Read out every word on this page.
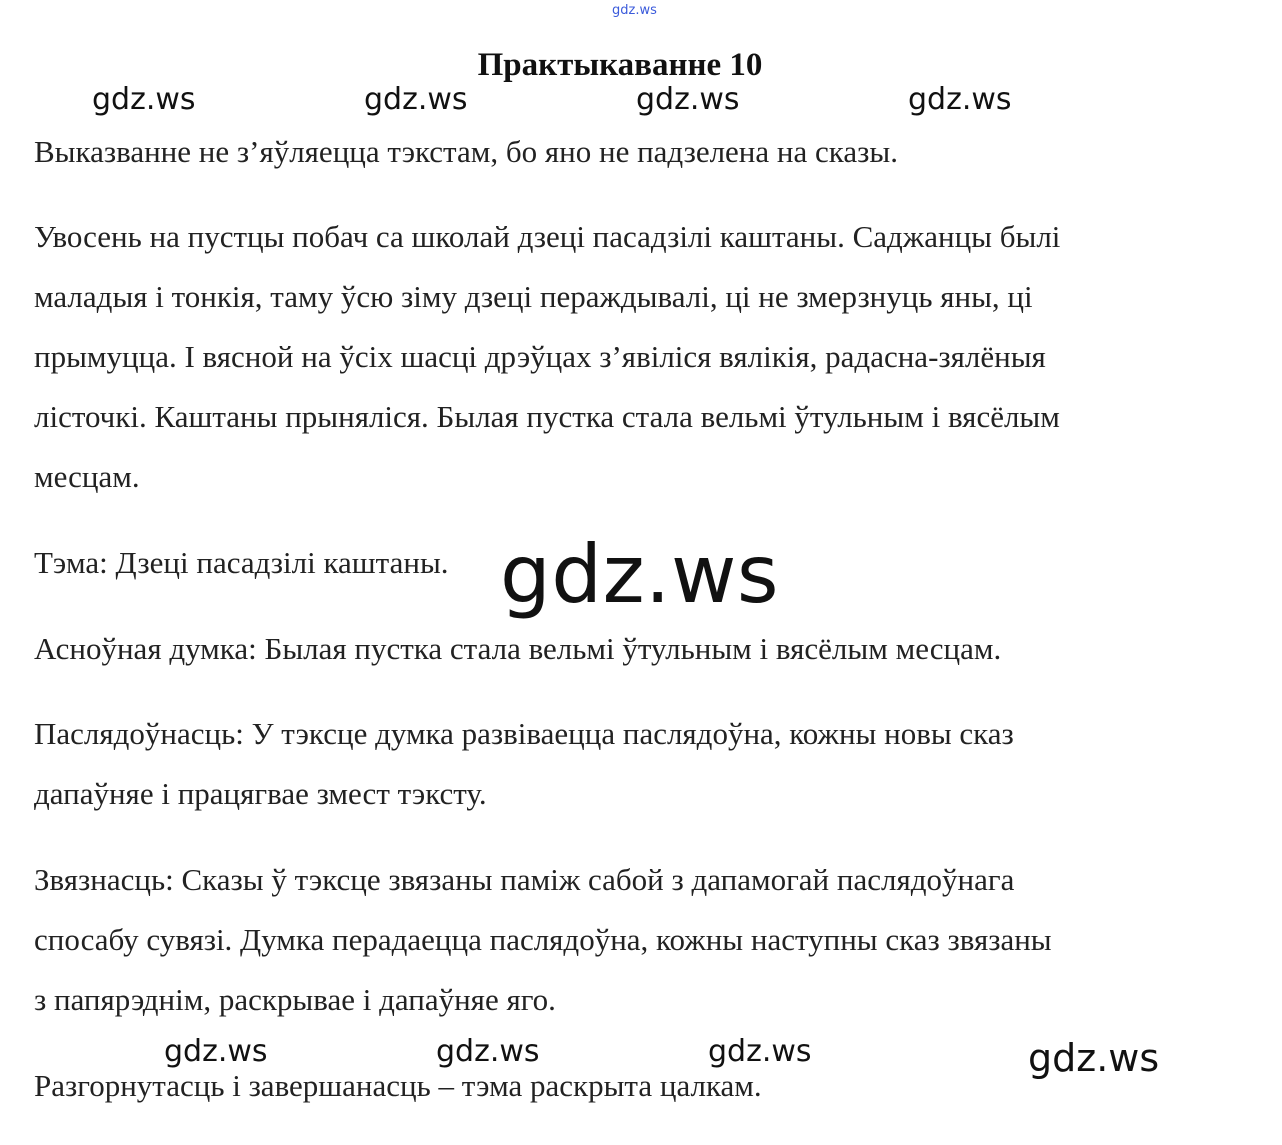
gdz.ws
gdz.ws	gdz.ws	gdz.ws	gdz.ws
Практыкаванне 10
Выказванне не з’яўляецца тэкстам, бо яно не падзелена на сказы.
Увосень на пустцы побач са школай дзеці пасадзілі каштаны. Саджанцы былі
маладыя і тонкія, таму ўсю зіму дзеці пераждывалі, ці не змерзнуць яны, ці
прымуцца. І вясной на ўсіх шасці дрэўцах з’явіліся вялікія, радасна-зялёныя
лісточкі. Каштаны прыняліся. Былая пустка стала вельмі ўтульным і вясёлым
месцам.
Тэма: Дзеці пасадзілі каштаны. gdz.ws
Асноўная думка: Былая пустка стала вельмі ўтульным і вясёлым месцам.
Паслядоўнасць: У тэксце думка развіваецца паслядоўна, кожны новы сказ
дапаўняе і працягвае змест тэксту.
Звязнасць: Сказы ў тэксце звязаны паміж сабой з дапамогай паслядоўнага
спосабу сувязі. Думка перадаецца паслядоўна, кожны наступны сказ звязаны
з папярэднім, раскрывае і дапаўняе яго.
gdz.ws	gdz.ws	gdz.ws	gdz.ws
Разгорнутасць і завершанасць – тэма раскрыта цалкам.
